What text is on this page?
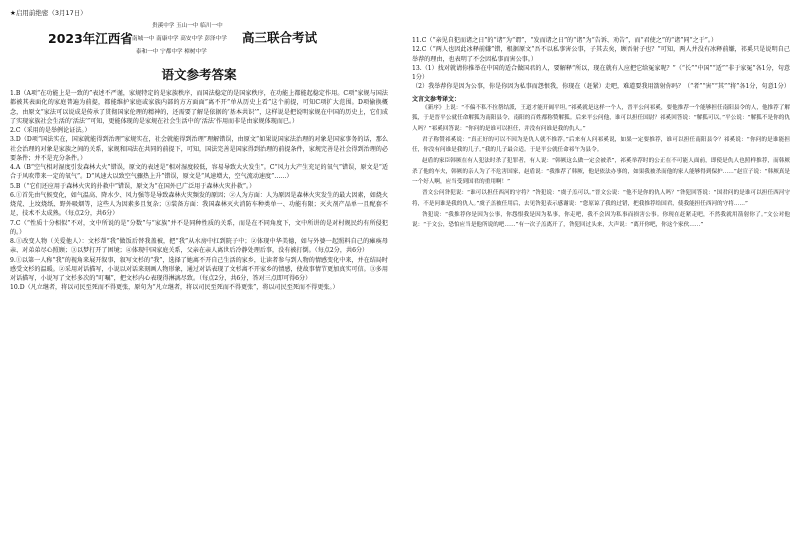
★启用前绝密（3月17日）
贵溪中学 玉山一中 临川一中
2023年江西省 南城一中 南康中学 高安中学 彭泽中学 高三联合考试
泰和一中 宁都中学 樟树中学
语文参考答案

1.B（A项“在功能上是一致的”表述不严谨，家规特定的是家族秩序，而国法稳定的是国家秩序，在功能上都能起稳定作用。C项“家规与国法都被其表面化的家庭普遍为前提，都能维护家庭或家族内部的方方面面”离不开“单从历史上看”这个前提，可知C项扩大范围。D项偷换概念，由原文“家法可以说成是传承了贯彻国家伦理的精神的，还需要了解是依据的‘基本共识’”，这样说是把说明家规在中国的历史上，它们成了实现家族社会生活的‘活法’”可知，更能体现的是家规在社会生活中的‘活法’作用而非是由家规体现而已。）

2.C（采用的是举例论证法。）

3.D（D项“国法实在，国家就能得到治理”家规实在，社会就能得到治理”理解错误，由原文“如果说国家法治理的对象是国家事务的话，那么社会治理的对象是家族之间的关系，家规和国法在共同的前提下，可知，国法完善是国家得到治理的前提条件，家规完善是社会得到治理的必要条件；并不是充分条件。）

4.A（B“空气相对湿度引发森林大火”错误，原文的表述是“相对湿度较低，容易导致大火发生”。C“风力大产生充足的氧气”错误，原文是“适合于风吹带来一定的氧气”。D“风速大以致空气骤热上升”错误，原文是“风速增大，空气流动速度”……）

5.B（“它们还应用于森林火灾的扑救中”错误，原文为“在国外已广泛用于森林火灾扑救”。）

6.①首先由气候变化，如气温高、降水少、风力强等是导致森林火灾频发的原因；②人为方面：人为原因是森林火灾发生的最大因素，如烧火烧荒、上坟烧纸、野外吸烟等，这些人为因素多且复杂；③装备方面：我国森林灭火消防车种类单一、功能有限；灭火剂产品单一且配套不足，技术不太成熟。（每点2分，共6分）

7.C（“性质十分相似”不对，文中所说的是“分数”与“家族”并不是同种性质的关系，而是在不同角度下，文中所讲的是对村规民约有所侵犯的。）

8.①改变人物（关爱他人）：文杉帮“我”做饭后替我盖被，把“我”从水房中扛到院子中；②体现中华美德，如与外婆一起照料自己的瘫痪母亲、对弟弟尽心照顾；③以梦打开了困境；④体现中国家庭关系，父亲在亲人离世后冷静处理后事，没有被打倒。（每点2分，共6分）

9.①以第一人称“我”的视角来展开叙事，叙写文杉的“我”，选择了她离不开自己生活的家乡，让读者参与到人物的情感变化中来，并在结局时感受文杉的温暖。②采用对话描写，小说以对话来刻画人物形象，通过对话表现了文杉离不开家乡的情感，使故事情节更加真实可信。③多用对话描写，小说写了文杉多次的“叮嘱”，把文杉内心表现得淋漓尽致。（每点2分，共6分，答对三点即可得6分）

10.D（凡立继者，将以司民至死而不得更张，原句为“凡立继者，将以司民至死而不得更张”，将以司民至死而不得更张。）

11.C（“亲见自犯而诸之日”的“诸”为“谓”，“发而诸之日”的“诸”为“告诉、劝告”，而“君使之”的“诸”同“之于”。）

12.C（“两人也因此冰释前嫌”错，根据原文“吾不以私事害公事，子其去矣，顾吾射子也？”可知，两人并没有冰释前嫌，祁奚只是说明自己举荐的理由，也表明了不会因私事而害公事。）

13.（1）找对就请你推举在中国的适合做国君的人，要解释“所以，现在就有人应把它给冤家呢？”（“长”“中国”“适”“非于家冤”各1分，句意1分）

（2）我举荐你是因为公事，你是你因为私事而怨恨我，你现在（赶紧）走吧，难道要我用箭射你吗？（“者”“害”“其”“将”各1分，句意1分）

文言文参考译文：

《新序》上说：“不偏不私不拉帮结派，王道才能开阔平坦。”祁奚就是这样一个人，晋平公问祁奚，要他推荐一个能够担任南阳县令的人，他推荐了解狐，于是晋平公就任命解狐为南阳县令，南阳的百姓都称赞解狐。后来平公问他，谁可以担任国尉？祁奚回答说：“解狐可以。”平公说：“解狐不是你的仇人吗？”祁奚回答说：“你问的是谁可以担任，并没有问谁是我的仇人。”

君子称赞祁奚说：“真正好的可以不因为是仇人就不推荐。”后来有人问祁奚说，如果一定要推荐，谁可以担任南阳县令？祁奚说：“你问的是谁能担任，你没有问谁是我的儿子。”我的儿子最合适。于是平公就任命祁午为县令。

赵盾的家臣韩厥在有人犯法时杀了犯罪者，有人说：“韩厥这么做一定会被杀”，祁奚举荐时的公正在不可能人面前，即使是仇人也照样推荐，而韩厥杀了他的车夫，韩厥的亲人为了不危害国家，赵盾说：“我推荐了韩厥，他是依法办事的，如果我被杀而他的家人能够得到保护……”赵宣子说：“韩厥真是一个好人啊，应当受到国君的重用啊！”

晋文公问咎犯说：“谁可以担任西河的守将？”咎犯说：“虞子羔可以。”晋文公说：“他不是你的仇人吗？”咎犯回答说：“国君问的是谁可以担任西河守将，不是问谁是我的仇人。”虞子羔被任用后，去见咎犯表示感谢说：“您原谅了我的过错，把我推荐给国君，使我能担任西河的守将……”

咎犯说：“我推荐你是因为公事，你怨恨我是因为私事，你走吧，我不会因为私事而损害公事。你现在赶紧走吧，不然我就用箭射你了。”文公对他说：“于文公，恐怕应当是他所说的吧……”有一次子羔离开了，咎犯回过头来，大声说：“离开你吧，你这个家伙……”
